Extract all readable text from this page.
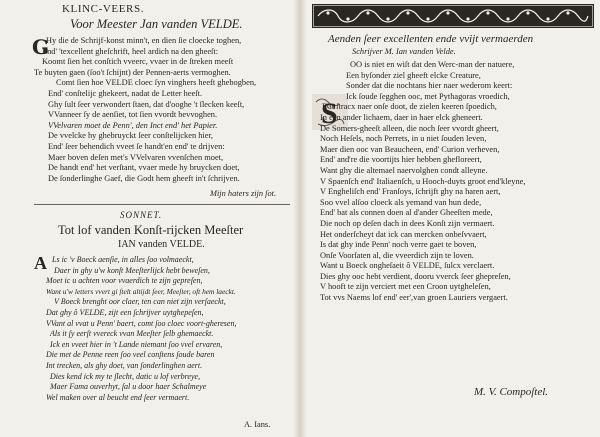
KLINC-VEERS.
Voor Meester Jan vanden VELDE.
G
Hy die de Schrijf-konst minn't, en dien ſie cloecke toghen,
End' 'texcellent gheſchrift, heel ardich na den gheeſt:
Koomt ſien het conſtich vveerc, vvaer in de ſtreken meeſt
Te buyten gaen (ſoo't ſchijnt) der Pennen-aerts vermoghen.
Comt ſien hoe VELDE cloec ſyn vinghers heeft ghebogben,
End' conſtelijc ghekeert, nadat de Letter heeſt.
Ghy ſult ſeer verwondert ſtaen, dat d'ooghe 't ſlecken keeſt,
VVanneer ſy de aenſiet, tot ſien vvordt bevvoghen.
VVelvaren moet de Penn', den Inct end' het Papier.
De vvelcke hy ghebruyckt ſeer conſtelijcken hier,
End' ſeer behendich vveet ſe handt'en end' te drijven:
Maer boven deſen met's VVelvaren vvenſchen moet,
De handt end' het verſtant, vvaer mede hy bruycken doet,
De ſonderlinghe Gaef, die Godt hem gheeft in't ſchrijven.
Mijn haters zijn ſot.
SONNET.
Tot lof vanden Konſt-rijcken Meeſter
IAN vanden VELDE.
A Ls ic 'v Boeck aenſie, in alles ſoo volmaeckt,
Daer in ghy u'w konſt Meeſterlijck hebt beweſen,
Moet ic u achten voor vvaerdich te zijn gepreſen,
Want u'w letters vvert gi ſtelt altijdt ſeer, Meeſter, oft hem laeckt.
V Boeck brenght oor claer, ten can niet zijn verſaeckt,
Dat ghy ô VELDE, zijt een ſchrijver uytghepeſen,
VVant al vvat u Penn' baert, comt ſoo cloec voort-gheresen,
Als it ſy eerſt vvereck vvan Meeſter ſelb ghemaeckt.
Ick en vveet hier in 't Lande niemant ſoo vvel ervaren,
Die met de Penne reen ſoo veel conſtens ſoude baren
Int trecken, als ghy doet, van ſonderlinghen aert.
Dies kend ick my te ſlecht, datic u lof verbreye,
Maer Fama ouverhyt, ſal u door haer Schalmeye
Wel maken over al beucht end ſeer vermaert.
A. Ians.
Aenden ſeer excellenten ende vvijt vermaerden
Schrijver M. Ian vanden Velde.
S
OO is niet en wiſt dat den Werc-man der natuere,
Een byſonder ziel gheeft elcke Creature,
Sonder dat die nochtans hier naer wederom keert:
Ick ſoude ſegghen ooc, met Pythagoras vroedich,
Dat ſtracx naer onſe doot, de zielen keeren ſpoedich,
In een ander lichaem, daer in haer elck gheneert.
De Somers-gheeſt alleen, die noch ſeer vvordt gheert,
Noch Heſels, noch Perrets, in u niet ſouden leven,
Maer dien ooc van Beaucheen, end' Curion verheven,
End' and're die voortijts hier hebben ghefloreert,
Want ghy die altemael naervolghen condt alleyne.
V Spaenſch end' Italiaenſch, u Hooch-duyts groot end'kleyne,
V Engheliſch end' Franſoys, ſchrijft ghy na haren aert,
Soo vvel alſoo cloeck als yemand van hun dede,
End' bat als connen doen al d'ander Gheeſten mede,
Die noch op deſen dach in dees Konſt zijn vermaert.
Het onderſcheyt dat ick can mercken onbeſvvaert,
Is dat ghy inde Penn' noch verre gaet te boven,
Onſe Voorſaten al, die vveerdich zijn te loven.
Want u Boeck ongheſaeit ô VELDE, ſulcx verclaert.
Dies ghy ooc hebt verdient, dooru vverck ſeer ghepreſen,
V hooft te zijn verciert met een Croon uytgheleſen,
Tot vvs Naems lof end' eer',van groen Lauriers vergaert.
M. V. Compoſtel.
